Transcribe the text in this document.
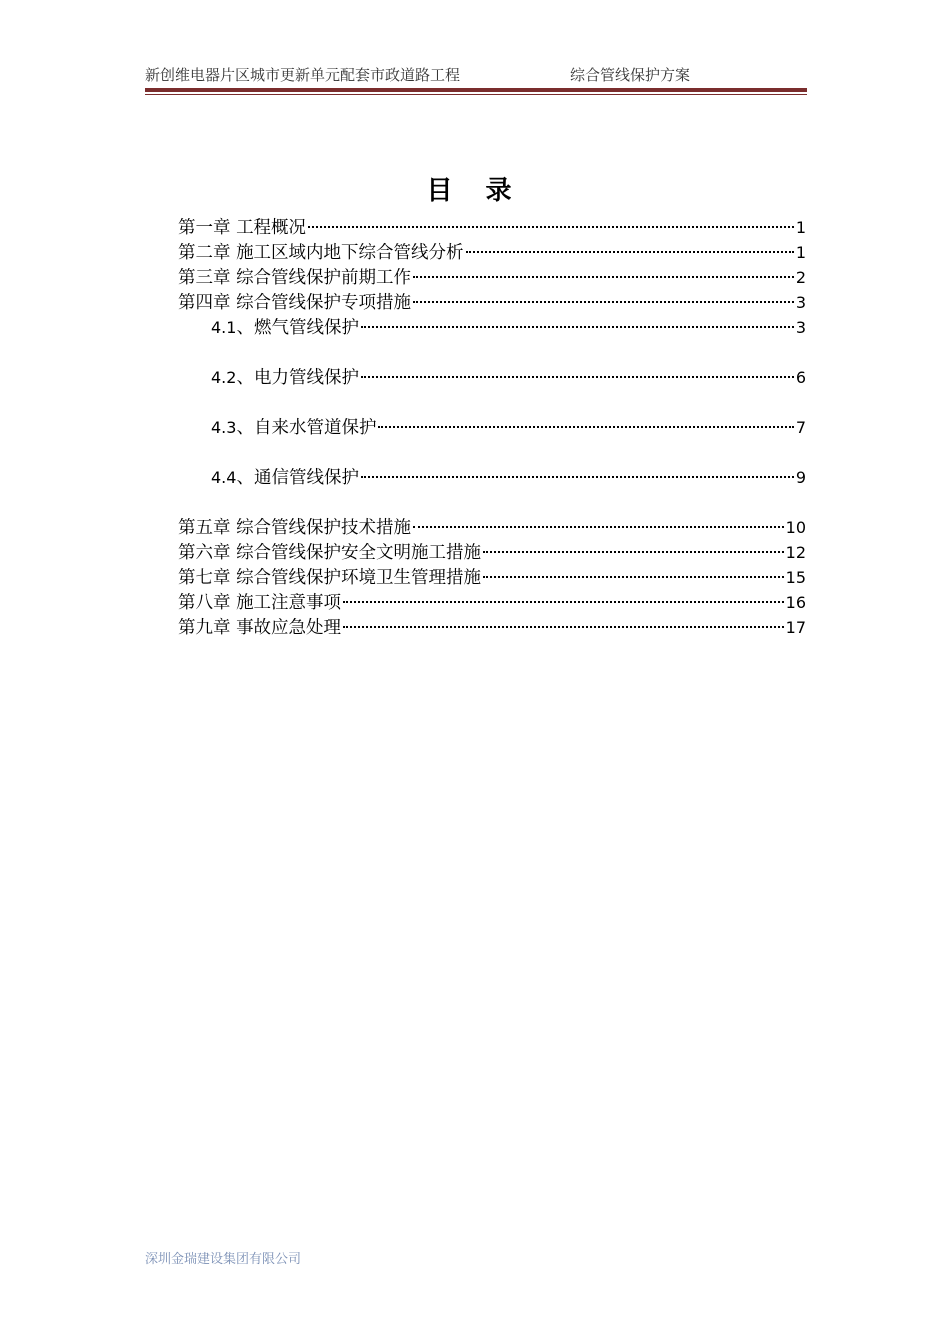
新创维电器片区城市更新单元配套市政道路工程	综合管线保护方案
目 录
第一章 工程概况	1
第二章 施工区域内地下综合管线分析	1
第三章 综合管线保护前期工作	2
第四章 综合管线保护专项措施	3
4.1、燃气管线保护	3
4.2、电力管线保护	6
4.3、自来水管道保护	7
4.4、通信管线保护	9
第五章 综合管线保护技术措施	10
第六章 综合管线保护安全文明施工措施	12
第七章 综合管线保护环境卫生管理措施	15
第八章 施工注意事项	16
第九章 事故应急处理	17
深圳金瑞建设集团有限公司
